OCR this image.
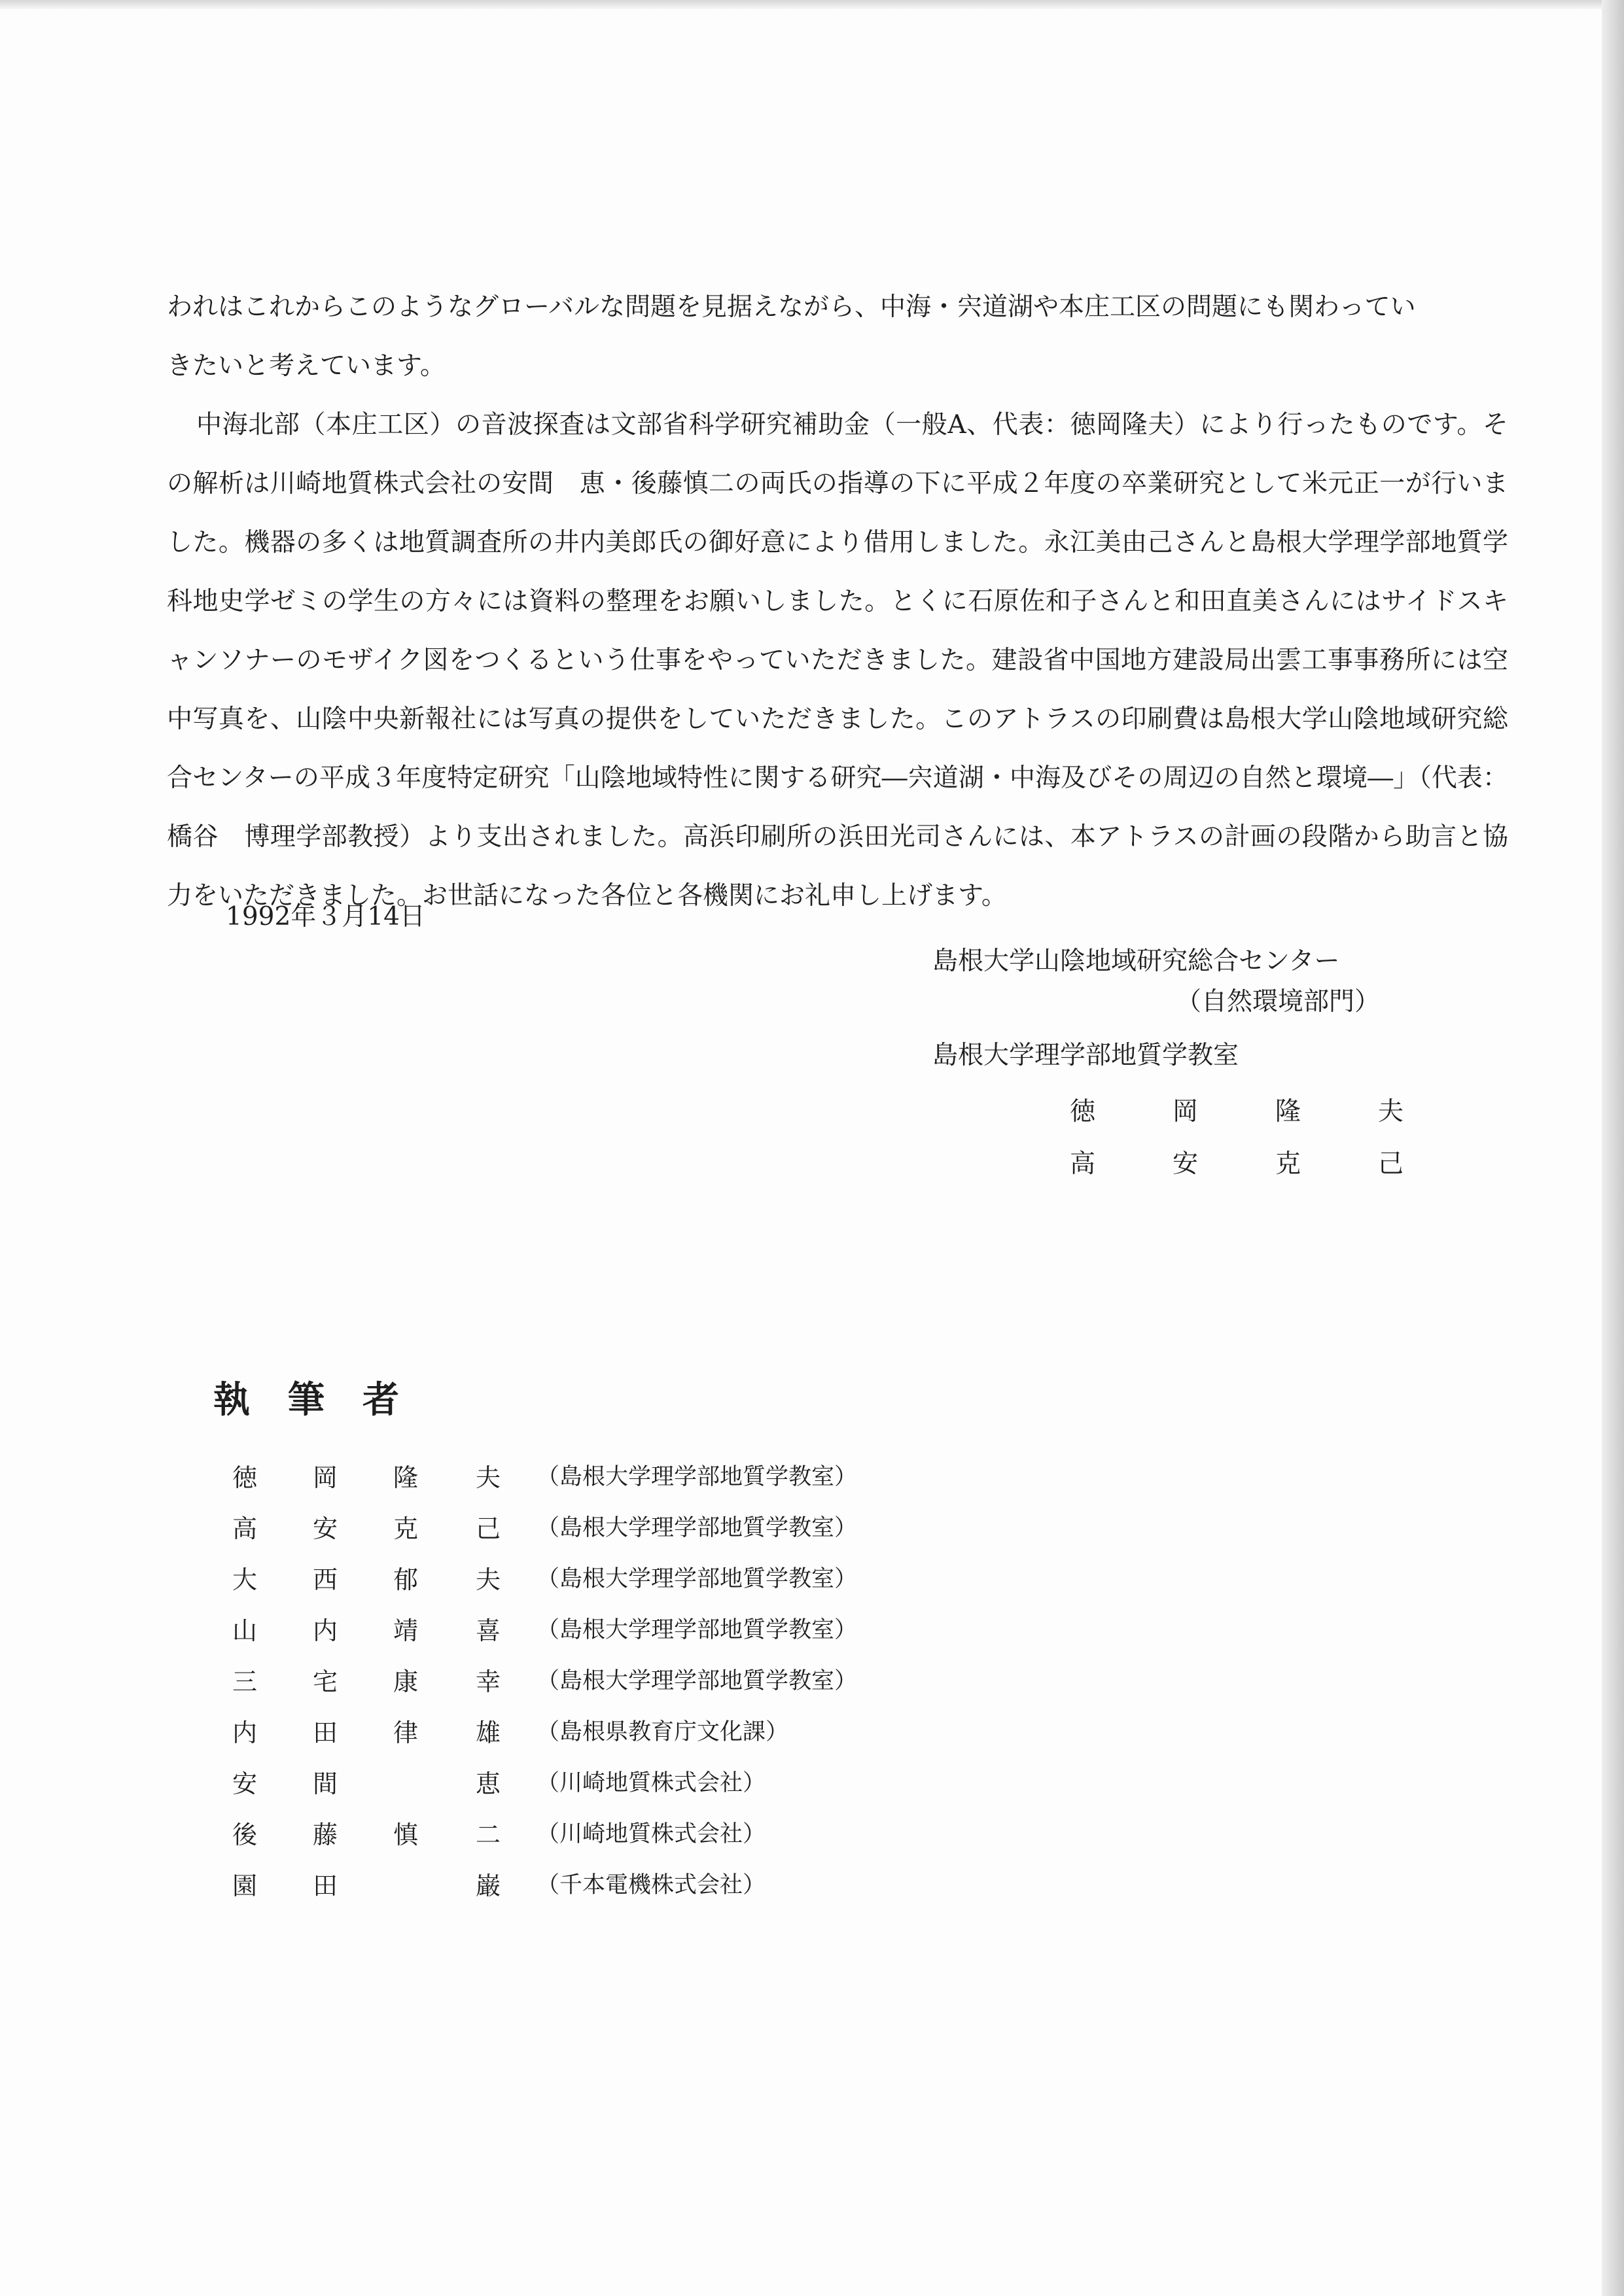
われはこれからこのようなグローバルな問題を見据えながら、中海・宍道湖や本庄工区の問題にも関わってい

きたいと考えています。

中海北部（本庄工区）の音波探査は文部省科学研究補助金（一般A、代表：徳岡隆夫）により行ったものです。その解析は川崎地質株式会社の安間　恵・後藤慎二の両氏の指導の下に平成２年度の卒業研究として米元正一が行いました。機器の多くは地質調査所の井内美郎氏の御好意により借用しました。永江美由己さんと島根大学理学部地質学科地史学ゼミの学生の方々には資料の整理をお願いしました。とくに石原佐和子さんと和田直美さんにはサイドスキャンソナーのモザイク図をつくるという仕事をやっていただきました。建設省中国地方建設局出雲工事事務所には空中写真を、山陰中央新報社には写真の提供をしていただきました。このアトラスの印刷費は島根大学山陰地域研究総合センターの平成３年度特定研究「山陰地域特性に関する研究―宍道湖・中海及びその周辺の自然と環境―」（代表：橋谷　博理学部教授）より支出されました。高浜印刷所の浜田光司さんには、本アトラスの計画の段階から助言と協力をいただきました。お世話になった各位と各機関にお礼申し上げます。

1992年３月14日
島根大学山陰地域研究総合センター
（自然環境部門）
島根大学理学部地質学教室
徳	岡	隆	夫
高	安	克	己
執筆者
徳 岡 隆 夫 （島根大学理学部地質学教室）
高 安 克 己 （島根大学理学部地質学教室）
大 西 郁 夫 （島根大学理学部地質学教室）
山 内 靖 喜 （島根大学理学部地質学教室）
三 宅 康 幸 （島根大学理学部地質学教室）
内 田 律 雄 （島根県教育庁文化課）
安 間	恵 （川崎地質株式会社）
後 藤 慎 二 （川崎地質株式会社）
園 田	巌 （千本電機株式会社）
